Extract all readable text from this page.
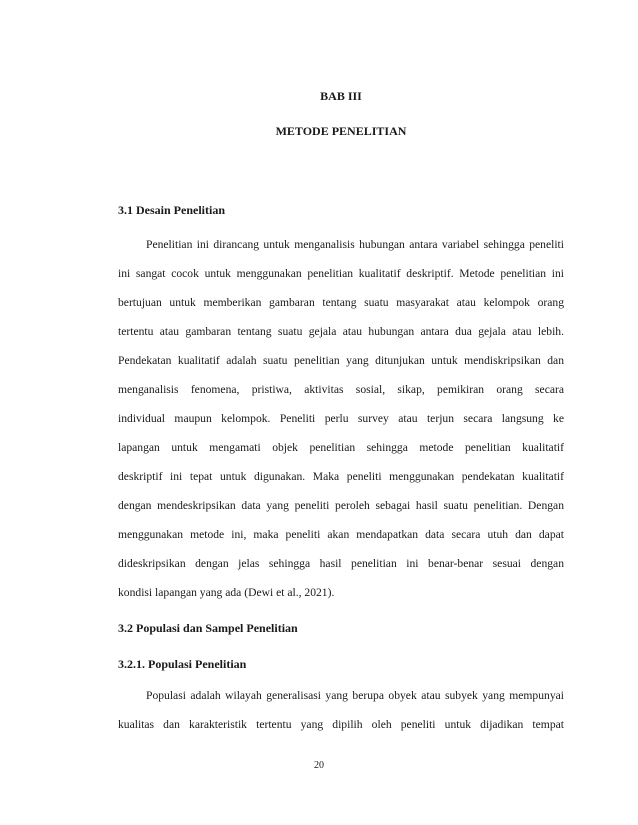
BAB III
METODE PENELITIAN
3.1 Desain Penelitian
Penelitian ini dirancang untuk menganalisis hubungan antara variabel sehingga peneliti
ini sangat cocok untuk menggunakan penelitian kualitatif deskriptif. Metode penelitian ini
bertujuan untuk memberikan gambaran tentang suatu masyarakat atau kelompok orang
tertentu atau gambaran tentang suatu gejala atau hubungan antara dua gejala atau lebih.
Pendekatan kualitatif adalah suatu penelitian yang ditunjukan untuk mendiskripsikan dan
menganalisis fenomena, pristiwa, aktivitas sosial, sikap, pemikiran orang secara
individual maupun kelompok. Peneliti perlu survey atau terjun secara langsung ke
lapangan untuk mengamati objek penelitian sehingga metode penelitian kualitatif
deskriptif ini tepat untuk digunakan. Maka peneliti menggunakan pendekatan kualitatif
dengan mendeskripsikan data yang peneliti peroleh sebagai hasil suatu penelitian. Dengan
menggunakan metode ini, maka peneliti akan mendapatkan data secara utuh dan dapat
dideskripsikan dengan jelas sehingga hasil penelitian ini benar-benar sesuai dengan
kondisi lapangan yang ada (Dewi et al., 2021).
3.2 Populasi dan Sampel Penelitian
3.2.1. Populasi Penelitian
Populasi adalah wilayah generalisasi yang berupa obyek atau subyek yang mempunyai
kualitas dan karakteristik tertentu yang dipilih oleh peneliti untuk dijadikan tempat
20
